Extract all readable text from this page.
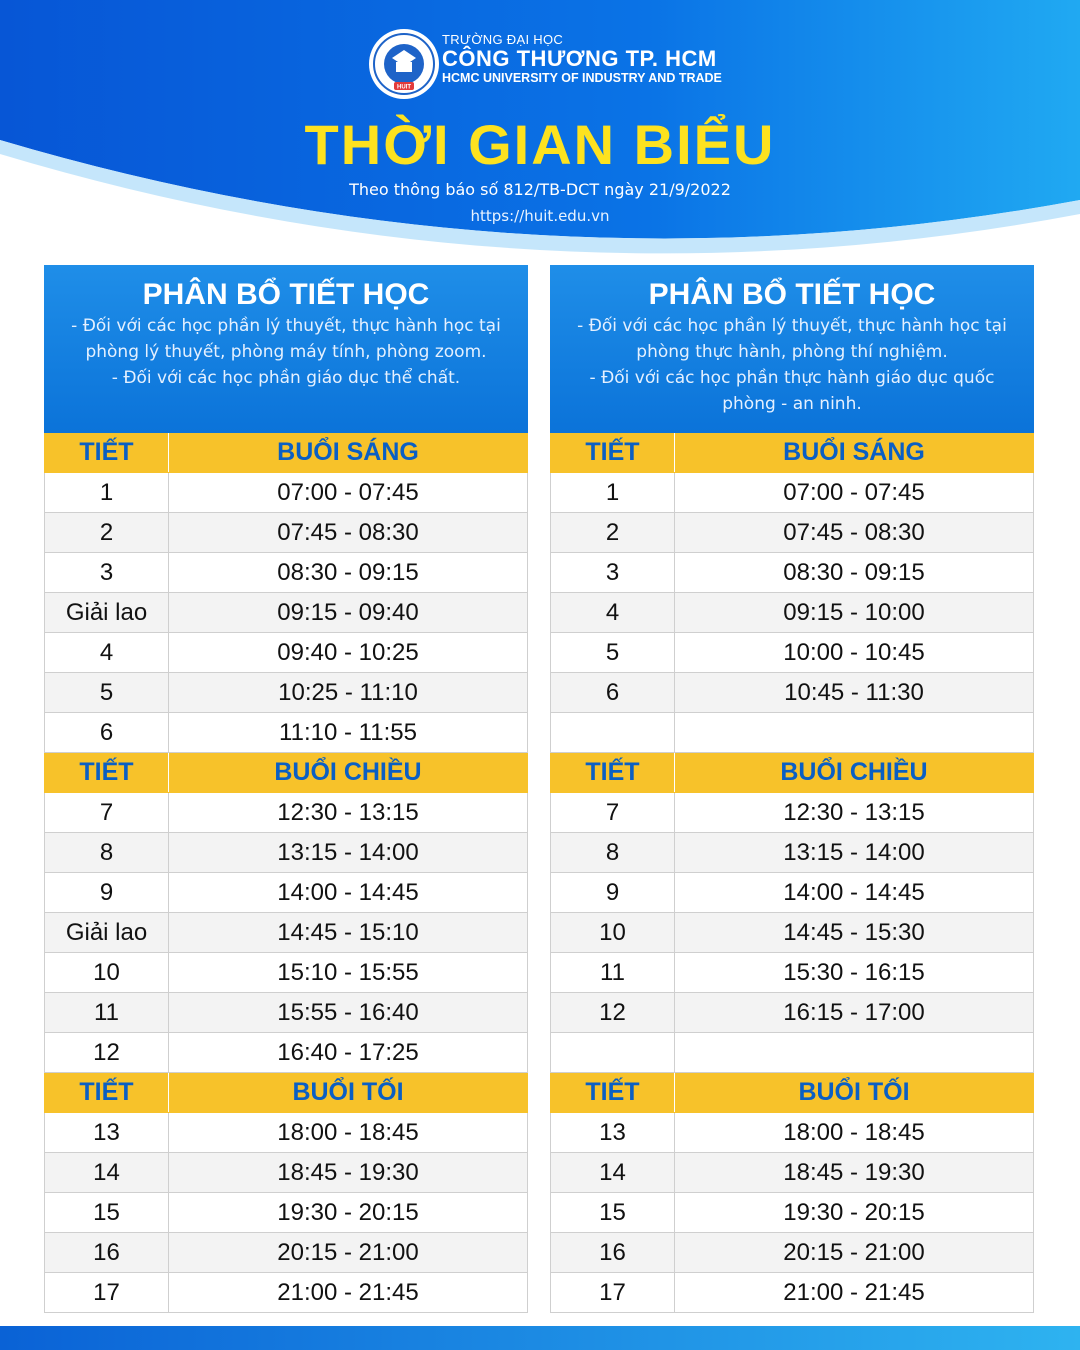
HUIT
TRƯỜNG ĐẠI HỌC
CÔNG THƯƠNG TP. HCM
HCMC UNIVERSITY OF INDUSTRY AND TRADE
THỜI GIAN BIỂU
Theo thông báo số 812/TB-DCT ngày 21/9/2022
https://huit.edu.vn
PHÂN BỔ TIẾT HỌC
- Đối với các học phần lý thuyết, thực hành học tại
phòng lý thuyết, phòng máy tính, phòng zoom.
- Đối với các học phần giáo dục thể chất.
TIẾT	BUỔI SÁNG
1	07:00 - 07:45
2	07:45 - 08:30
3	08:30 - 09:15
Giải lao	09:15 - 09:40
4	09:40 - 10:25
5	10:25 - 11:10
6	11:10 - 11:55
TIẾT	BUỔI CHIỀU
7	12:30 - 13:15
8	13:15 - 14:00
9	14:00 - 14:45
Giải lao	14:45 - 15:10
10	15:10 - 15:55
11	15:55 - 16:40
12	16:40 - 17:25
TIẾT	BUỔI TỐI
13	18:00 - 18:45
14	18:45 - 19:30
15	19:30 - 20:15
16	20:15 - 21:00
17	21:00 - 21:45
PHÂN BỔ TIẾT HỌC
- Đối với các học phần lý thuyết, thực hành học tại
phòng thực hành, phòng thí nghiệm.
- Đối với các học phần thực hành giáo dục quốc
phòng - an ninh.
TIẾT	BUỔI SÁNG
1	07:00 - 07:45
2	07:45 - 08:30
3	08:30 - 09:15
4	09:15 - 10:00
5	10:00 - 10:45
6	10:45 - 11:30
TIẾT	BUỔI CHIỀU
7	12:30 - 13:15
8	13:15 - 14:00
9	14:00 - 14:45
10	14:45 - 15:30
11	15:30 - 16:15
12	16:15 - 17:00
TIẾT	BUỔI TỐI
13	18:00 - 18:45
14	18:45 - 19:30
15	19:30 - 20:15
16	20:15 - 21:00
17	21:00 - 21:45
